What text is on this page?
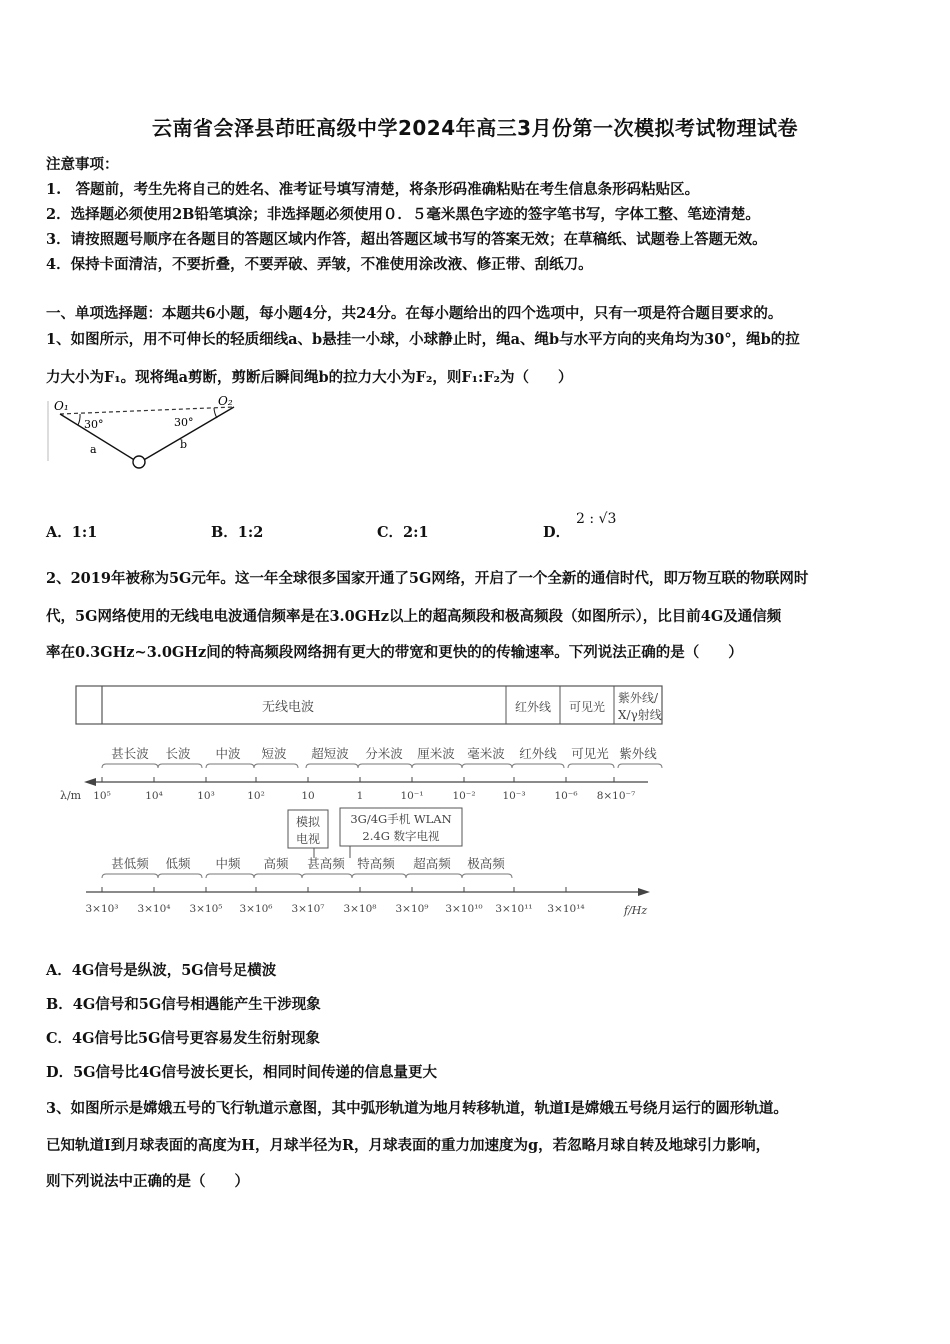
云南省会泽县茚旺高级中学2024年高三3月份第一次模拟考试物理试卷
注意事项：
1.　答题前，考生先将自己的姓名、准考证号填写清楚，将条形码准确粘贴在考生信息条形码粘贴区。
2．选择题必须使用2B铅笔填涂；非选择题必须使用０．５毫米黑色字迹的签字笔书写，字体工整、笔迹清楚。
3．请按照题号顺序在各题目的答题区域内作答，超出答题区域书写的答案无效；在草稿纸、试题卷上答题无效。
4．保持卡面清洁，不要折叠，不要弄破、弄皱，不准使用涂改液、修正带、刮纸刀。
一、单项选择题：本题共6小题，每小题4分，共24分。在每小题给出的四个选项中，只有一项是符合题目要求的。
1、如图所示，用不可伸长的轻质细线a、b悬挂一小球，小球静止时，绳a、绳b与水平方向的夹角均为30°，绳b的拉
力大小为F₁。现将绳a剪断，剪断后瞬间绳b的拉力大小为F₂，则F₁:F₂为（　　）
O₁	O₂
30°	30°
a	b
A．1:1	B．1:2	C．2:1	D．
2 : √3
2、2019年被称为5G元年。这一年全球很多国家开通了5G网络，开启了一个全新的通信时代，即万物互联的物联网时
代，5G网络使用的无线电电波通信频率是在3.0GHz以上的超高频段和极高频段（如图所示），比目前4G及通信频
率在0.3GHz~3.0GHz间的特高频段网络拥有更大的带宽和更快的的传输速率。下列说法正确的是（　　）
无线电波	红外线 可见光
紫外线/
X/γ射线
甚长波 长波 中波 短波 超短波 分米波 厘米波 毫米波 红外线 可见光 紫外线
λ/m 10⁵	10⁴	10³	10²	10	1	10⁻¹	10⁻²	10⁻³	10⁻⁶ 8×10⁻⁷
模拟
电视
3G/4G手机 WLAN
2.4G 数字电视
甚低频 低频 中频 高频 甚高频 特高频 超高频 极高频
3×10³ 3×10⁴ 3×10⁵ 3×10⁶ 3×10⁷ 3×10⁸ 3×10⁹ 3×10¹⁰ 3×10¹¹ 3×10¹⁴	f/Hz
A．4G信号是纵波，5G信号足横波
B．4G信号和5G信号相遇能产生干涉现象
C．4G信号比5G信号更容易发生衍射现象
D．5G信号比4G信号波长更长，相同时间传递的信息量更大
3、如图所示是嫦娥五号的飞行轨道示意图，其中弧形轨道为地月转移轨道，轨道I是嫦娥五号绕月运行的圆形轨道。
已知轨道I到月球表面的高度为H，月球半径为R，月球表面的重力加速度为g，若忽略月球自转及地球引力影响，
则下列说法中正确的是（　　）
